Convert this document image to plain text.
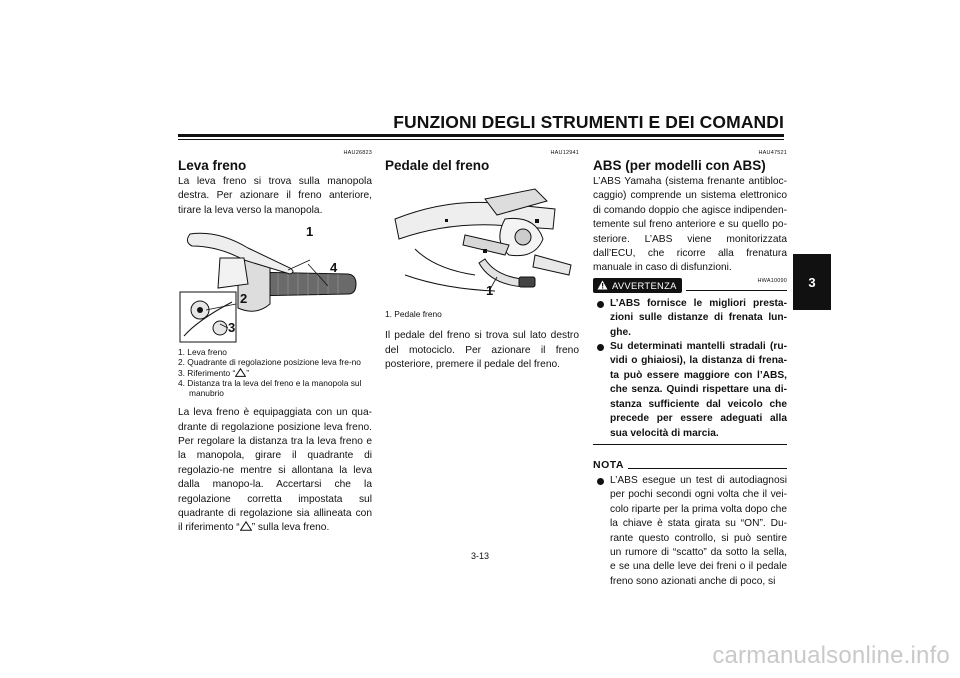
FUNZIONI DEGLI STRUMENTI E DEI COMANDI
3
HAU26823
Leva freno

La leva freno si trova sulla manopola destra. Per azionare il freno anteriore, tirare la leva verso la manopola.

1
4
2
3
1. Leva freno
2. Quadrante di regolazione posizione leva fre-no
3. Riferimento “ ”
4. Distanza tra la leva del freno e la manopola sul manubrio

La leva freno è equipaggiata con un qua-drante di regolazione posizione leva freno. Per regolare la distanza tra la leva freno e la manopola, girare il quadrante di regolazio-ne mentre si allontana la leva dalla manopo-la. Accertarsi che la regolazione corretta impostata sul quadrante di regolazione sia allineata con il riferimento “ ” sulla leva freno.

HAU12941
Pedale del freno
1
1. Pedale freno

Il pedale del freno si trova sul lato destro del motociclo. Per azionare il freno posteriore, premere il pedale del freno.

HAU47521
ABS (per modelli con ABS)

L’ABS Yamaha (sistema frenante antibloc-caggio) comprende un sistema elettronico di comando doppio che agisce indipenden-temente sul freno anteriore e su quello po-steriore. L’ABS viene monitorizzata dall’ECU, che ricorre alla frenatura manuale in caso di disfunzioni.

HWA10090
AVVERTENZA
L’ABS fornisce le migliori presta-zioni sulle distanze di frenata lun-ghe.
Su determinati mantelli stradali (ru-vidi o ghiaiosi), la distanza di frena-ta può essere maggiore con l’ABS, che senza. Quindi rispettare una di-stanza sufficiente dal veicolo che precede per essere adeguati alla sua velocità di marcia.
NOTA
L’ABS esegue un test di autodiagnosi per pochi secondi ogni volta che il vei-colo riparte per la prima volta dopo che la chiave è stata girata su “ON”. Du-rante questo controllo, si può sentire un rumore di “scatto” da sotto la sella, e se una delle leve dei freni o il pedale freno sono azionati anche di poco, si
3-13
carmanualsonline.info
